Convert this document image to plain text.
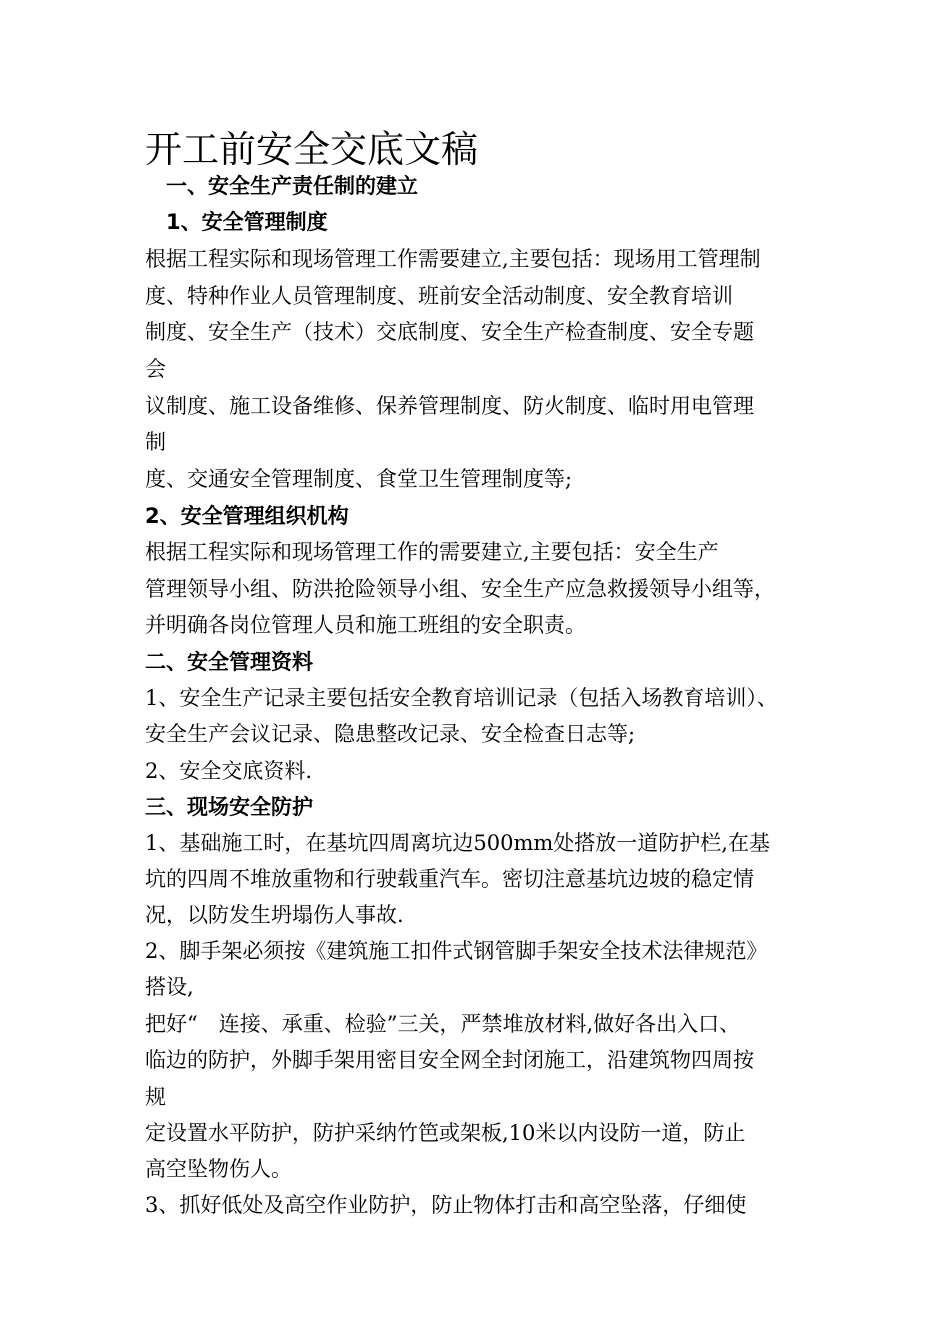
开工前安全交底文稿

一、安全生产责任制的建立

1、安全管理制度

根据工程实际和现场管理工作需要建立,主要包括：现场用工管理制

度、特种作业人员管理制度、班前安全活动制度、安全教育培训

制度、安全生产（技术）交底制度、安全生产检查制度、安全专题

会

议制度、施工设备维修、保养管理制度、防火制度、临时用电管理

制

度、交通安全管理制度、食堂卫生管理制度等;

2、安全管理组织机构

根据工程实际和现场管理工作的需要建立,主要包括：安全生产

管理领导小组、防洪抢险领导小组、安全生产应急救援领导小组等，

并明确各岗位管理人员和施工班组的安全职责。

二、安全管理资料

1、安全生产记录主要包括安全教育培训记录（包括入场教育培训）、

安全生产会议记录、隐患整改记录、安全检查日志等;

2、安全交底资料.

三、现场安全防护

1、基础施工时，在基坑四周离坑边500mm处搭放一道防护栏,在基

坑的四周不堆放重物和行驶载重汽车。密切注意基坑边坡的稳定情

况，以防发生坍塌伤人事故.

2、脚手架必须按《建筑施工扣件式钢管脚手架安全技术法律规范》

搭设,

把好“　连接、承重、检验”三关，严禁堆放材料,做好各出入口、

临边的防护，外脚手架用密目安全网全封闭施工，沿建筑物四周按

规

定设置水平防护，防护采纳竹笆或架板,10米以内设防一道，防止

高空坠物伤人。

3、抓好低处及高空作业防护，防止物体打击和高空坠落，仔细使
